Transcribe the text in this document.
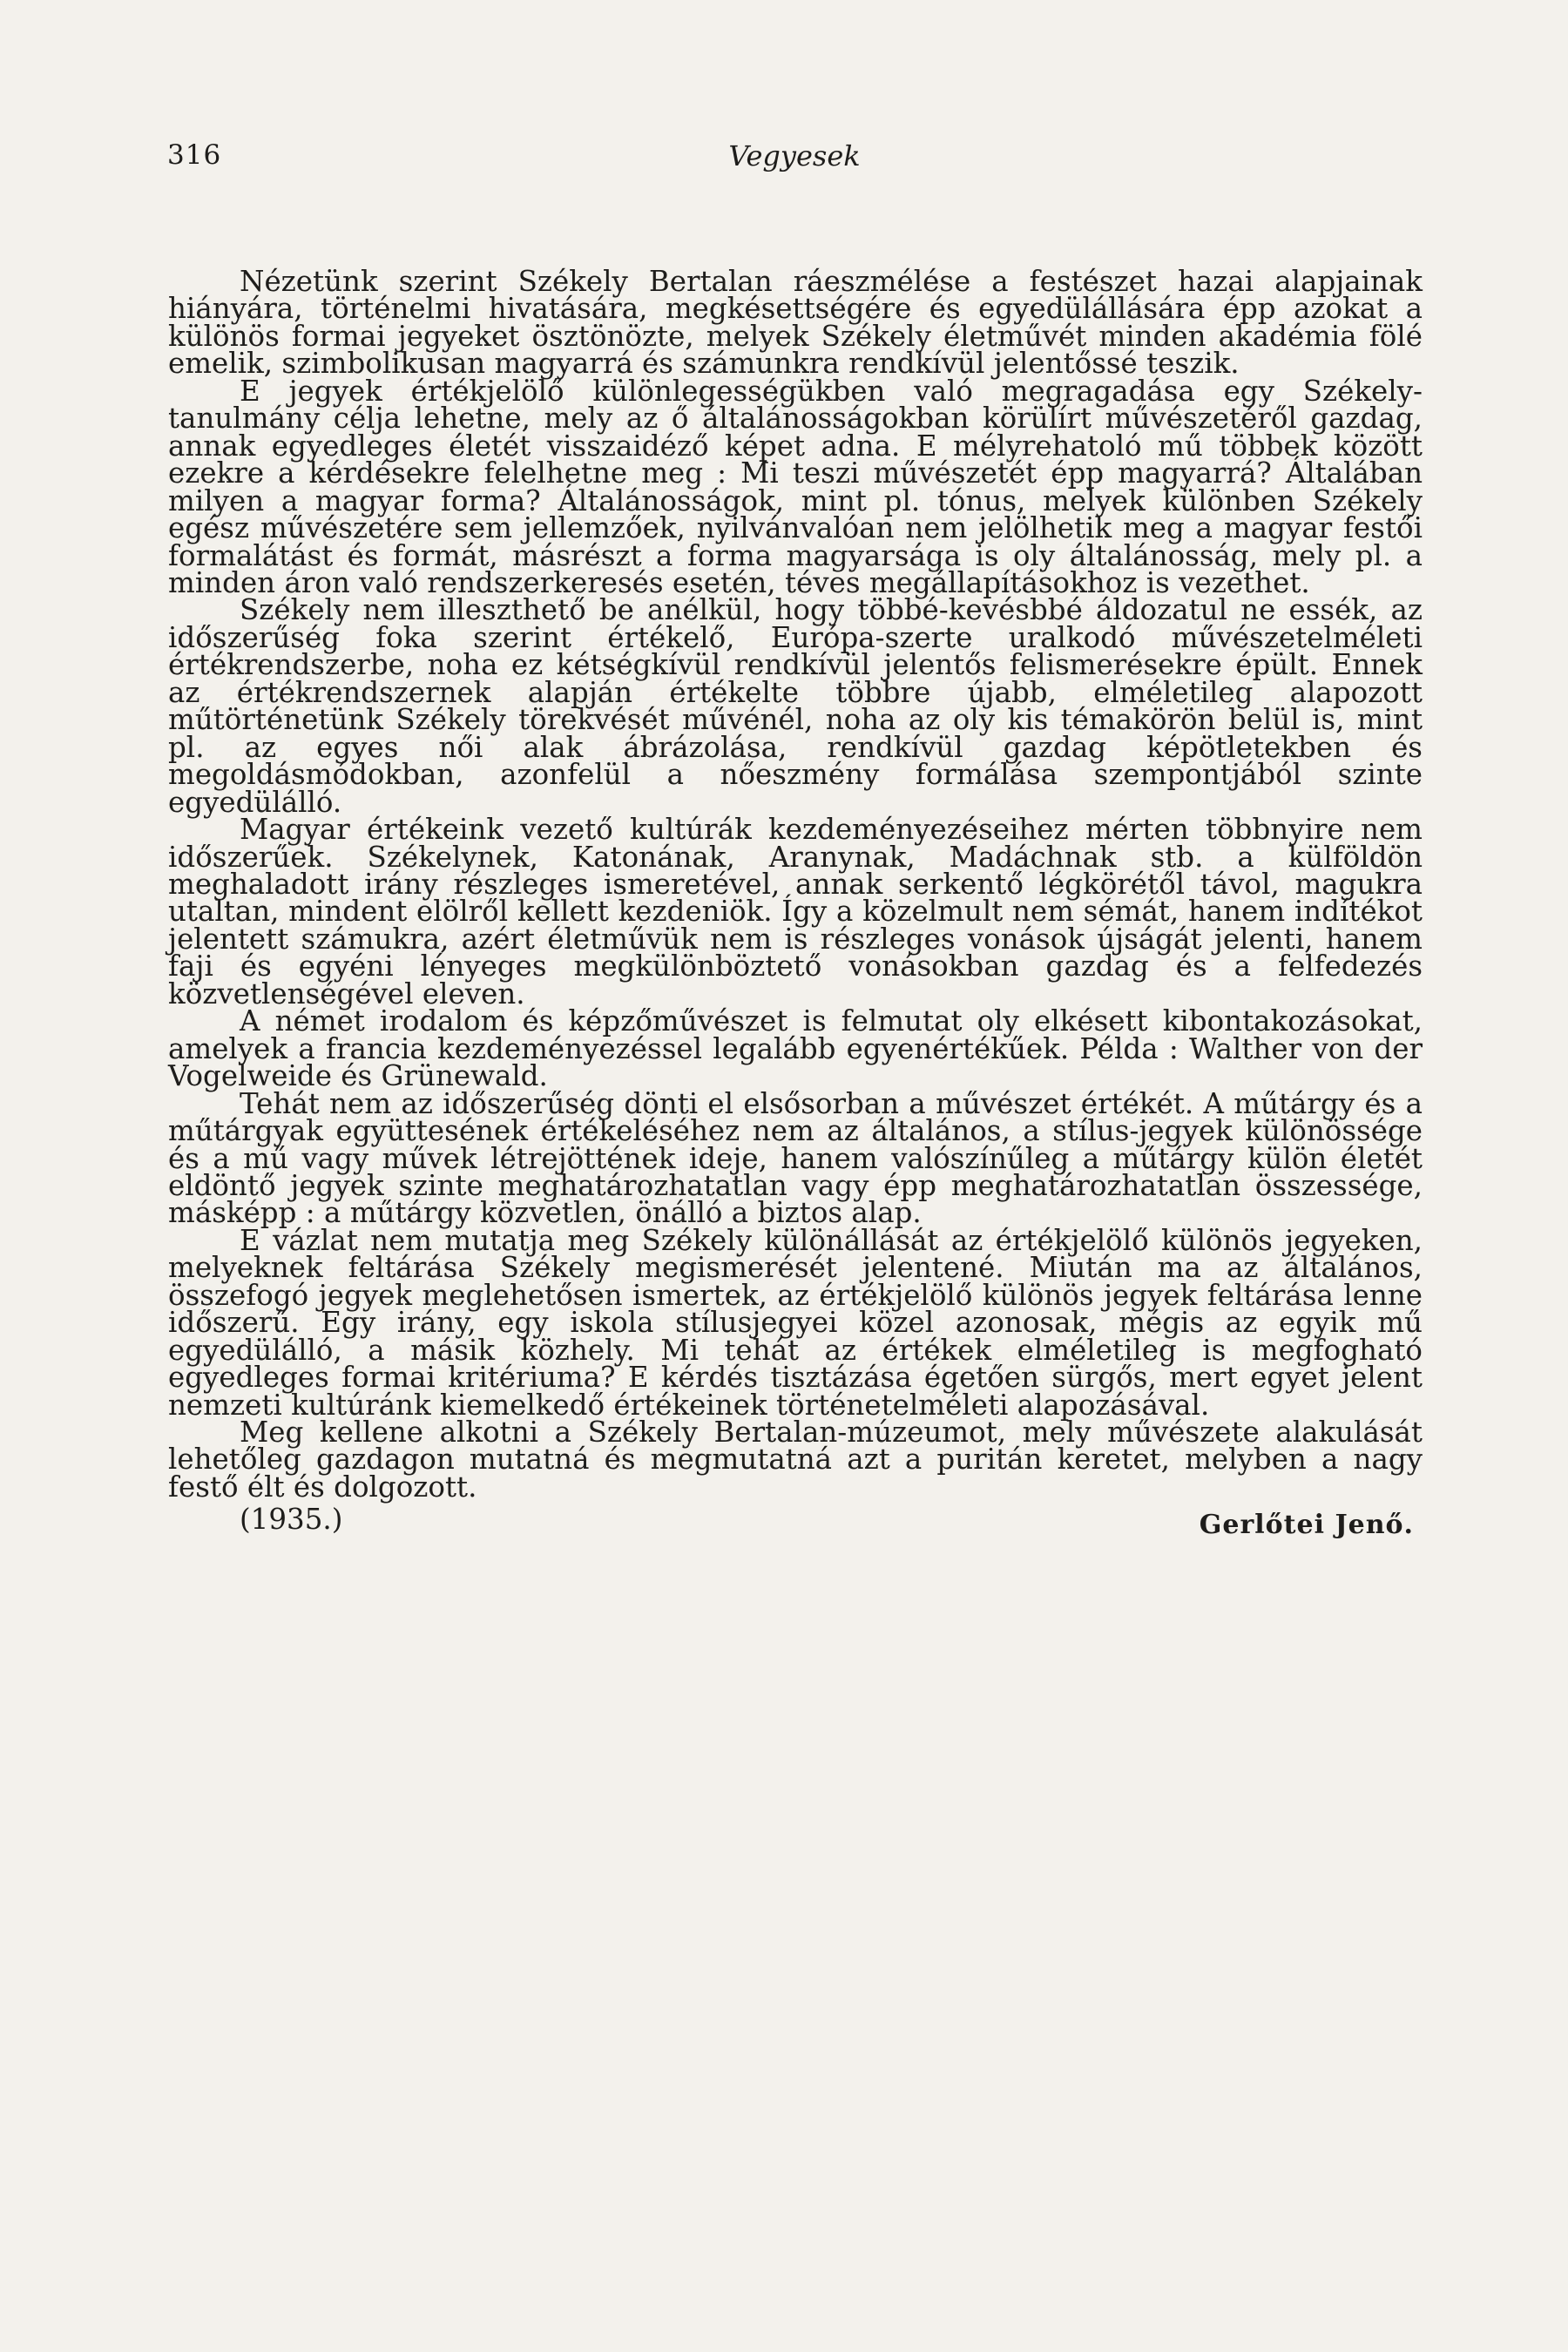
316	Vegyesek

Nézetünk szerint Székely Bertalan ráeszmélése a festészet hazai alapjainak hiányára, történelmi hivatására, megkésettségére és egyedülállására épp azokat a különös formai jegyeket ösztönözte, melyek Székely életművét minden akadémia fölé emelik, szimbolikusan magyarrá és számunkra rendkívül jelentőssé teszik.

E jegyek értékjelölő különlegességükben való megragadása egy Székely-tanulmány célja lehetne, mely az ő általánosságokban körülírt művészetéről gazdag, annak egyedleges életét visszaidéző képet adna. E mélyrehatoló mű többek között ezekre a kérdésekre felelhetne meg : Mi teszi művészetét épp magyarrá? Általában milyen a magyar forma? Általánosságok, mint pl. tónus, melyek különben Székely egész művészetére sem jellemzőek, nyilvánvalóan nem jelölhetik meg a magyar festői formalátást és formát, másrészt a forma magyarsága is oly általánosság, mely pl. a minden áron való rendszerkeresés esetén, téves megállapításokhoz is vezethet.

Székely nem illeszthető be anélkül, hogy többé-kevésbbé áldozatul ne essék, az időszerűség foka szerint értékelő, Európa-szerte uralkodó művészetelméleti értékrendszerbe, noha ez kétségkívül rendkívül jelentős felismerésekre épült. Ennek az értékrendszernek alapján értékelte többre újabb, elméletileg alapozott műtörténetünk Székely törekvését művénél, noha az oly kis témakörön belül is, mint pl. az egyes női alak ábrázolása, rendkívül gazdag képötletekben és megoldásmódokban, azonfelül a nőeszmény formálása szempontjából szinte egyedülálló.

Magyar értékeink vezető kultúrák kezdeményezéseihez mérten többnyire nem időszerűek. Székelynek, Katonának, Aranynak, Madáchnak stb. a külföldön meghaladott irány részleges ismeretével, annak serkentő légkörétől távol, magukra utaltan, mindent elölről kellett kezdeniök. Így a közelmult nem sémát, hanem indítékot jelentett számukra, azért életművük nem is részleges vonások újságát jelenti, hanem faji és egyéni lényeges megkülönböztető vonásokban gazdag és a felfedezés közvetlenségével eleven.

A német irodalom és képzőművészet is felmutat oly elkésett kibontakozásokat, amelyek a francia kezdeményezéssel legalább egyenértékűek. Példa : Walther von der Vogelweide és Grünewald.

Tehát nem az időszerűség dönti el elsősorban a művészet értékét. A műtárgy és a műtárgyak együttesének értékeléséhez nem az általános, a stílus-jegyek különössége és a mű vagy művek létrejöttének ideje, hanem valószínűleg a műtárgy külön életét eldöntő jegyek szinte meghatározhatatlan vagy épp meghatározhatatlan összessége, másképp : a műtárgy közvetlen, önálló a biztos alap.

E vázlat nem mutatja meg Székely különállását az értékjelölő különös jegyeken, melyeknek feltárása Székely megismerését jelentené. Miután ma az általános, összefogó jegyek meglehetősen ismertek, az értékjelölő különös jegyek feltárása lenne időszerű. Egy irány, egy iskola stílusjegyei közel azonosak, mégis az egyik mű egyedülálló, a másik közhely. Mi tehát az értékek elméletileg is megfogható egyedleges formai kritériuma? E kérdés tisztázása égetően sürgős, mert egyet jelent nemzeti kultúránk kiemelkedő értékeinek történetelméleti alapozásával.

Meg kellene alkotni a Székely Bertalan-múzeumot, mely művészete alakulását lehetőleg gazdagon mutatná és megmutatná azt a puritán keretet, melyben a nagy festő élt és dolgozott.

(1935.)	Gerlőtei Jenő.
